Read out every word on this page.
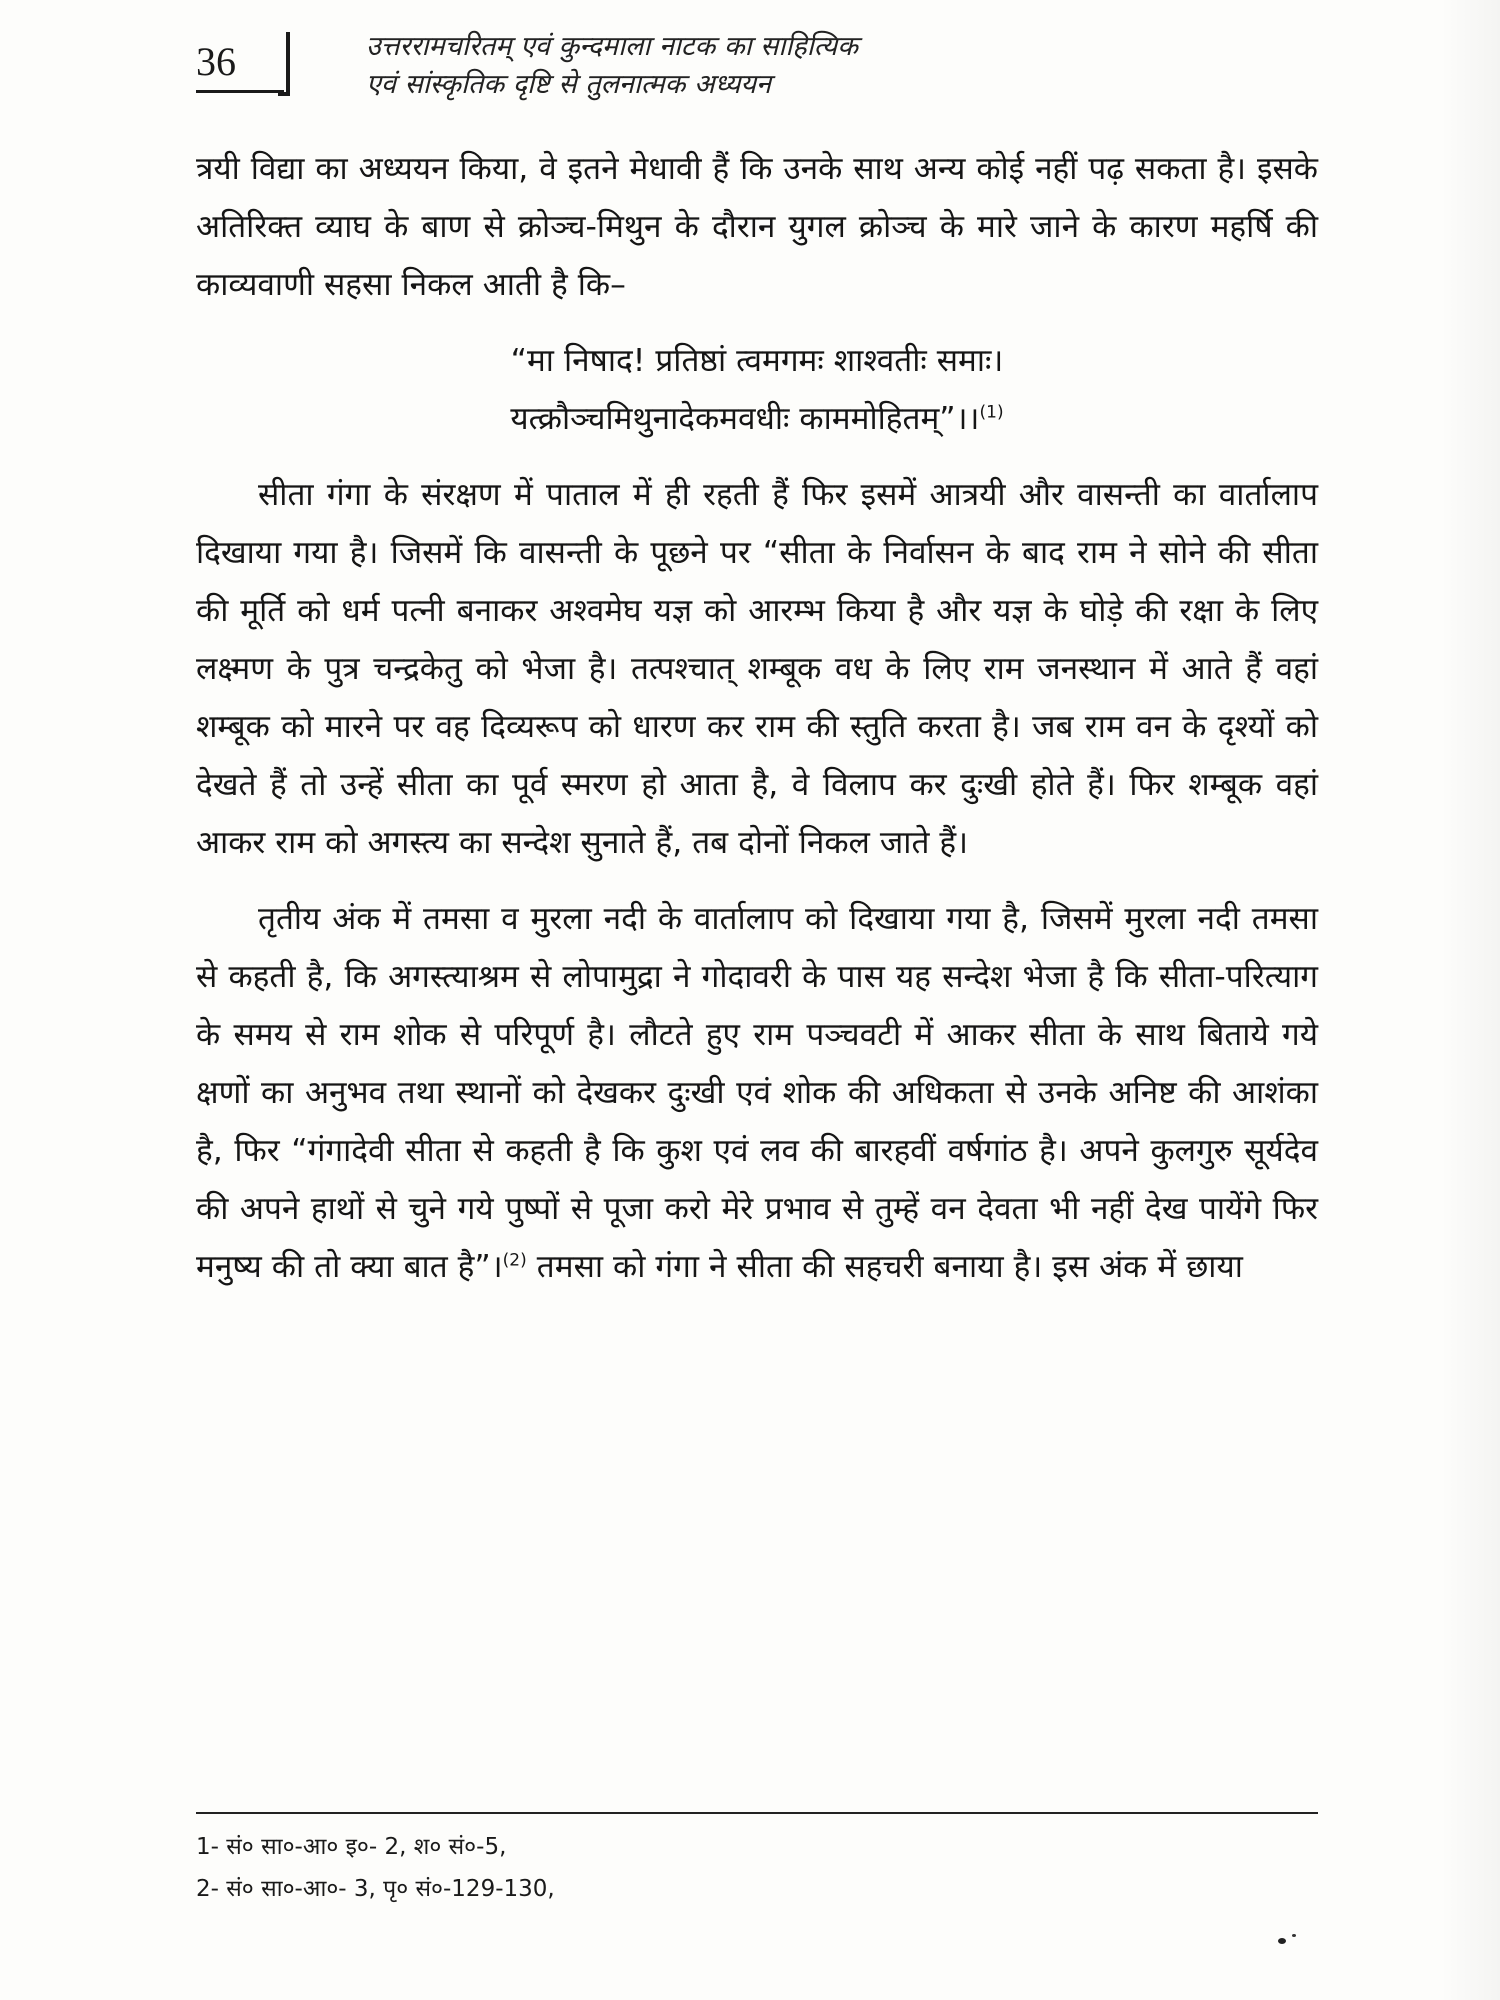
36	उत्तररामचरितम् एवं कुन्दमाला नाटक का साहित्यिक
एवं सांस्कृतिक दृष्टि से तुलनात्मक अध्ययन

त्रयी विद्या का अध्ययन किया, वे इतने मेधावी हैं कि उनके साथ अन्य कोई नहीं पढ़ सकता है। इसके अतिरिक्त व्याघ के बाण से क्रोञ्च-मिथुन के दौरान युगल क्रोञ्च के मारे जाने के कारण महर्षि की काव्यवाणी सहसा निकल आती है कि–

“मा निषाद! प्रतिष्ठां त्वमगमः शाश्वतीः समाः।
यत्क्रौञ्चमिथुनादेकमवधीः काममोहितम्”।।$^{(1)}$

सीता गंगा के संरक्षण में पाताल में ही रहती हैं फिर इसमें आत्रयी और वासन्ती का वार्तालाप दिखाया गया है। जिसमें कि वासन्ती के पूछने पर “सीता के निर्वासन के बाद राम ने सोने की सीता की मूर्ति को धर्म पत्नी बनाकर अश्वमेघ यज्ञ को आरम्भ किया है और यज्ञ के घोड़े की रक्षा के लिए लक्ष्मण के पुत्र चन्द्रकेतु को भेजा है। तत्पश्चात् शम्बूक वध के लिए राम जनस्थान में आते हैं वहां शम्बूक को मारने पर वह दिव्यरूप को धारण कर राम की स्तुति करता है। जब राम वन के दृश्यों को देखते हैं तो उन्हें सीता का पूर्व स्मरण हो आता है, वे विलाप कर दुःखी होते हैं। फिर शम्बूक वहां आकर राम को अगस्त्य का सन्देश सुनाते हैं, तब दोनों निकल जाते हैं।

तृतीय अंक में तमसा व मुरला नदी के वार्तालाप को दिखाया गया है, जिसमें मुरला नदी तमसा से कहती है, कि अगस्त्याश्रम से लोपामुद्रा ने गोदावरी के पास यह सन्देश भेजा है कि सीता-परित्याग के समय से राम शोक से परिपूर्ण है। लौटते हुए राम पञ्चवटी में आकर सीता के साथ बिताये गये क्षणों का अनुभव तथा स्थानों को देखकर दुःखी एवं शोक की अधिकता से उनके अनिष्ट की आशंका है, फिर “गंगादेवी सीता से कहती है कि कुश एवं लव की बारहवीं वर्षगांठ है। अपने कुलगुरु सूर्यदेव की अपने हाथों से चुने गये पुष्पों से पूजा करो मेरे प्रभाव से तुम्हें वन देवता भी नहीं देख पायेंगे फिर मनुष्य की तो क्या बात है”।$^{(2)}$ तमसा को गंगा ने सीता की सहचरी बनाया है। इस अंक में छाया

1- सं० सा०-आ० इ०- 2, श० सं०-5,
2- सं० सा०-आ०- 3, पृ० सं०-129-130,
